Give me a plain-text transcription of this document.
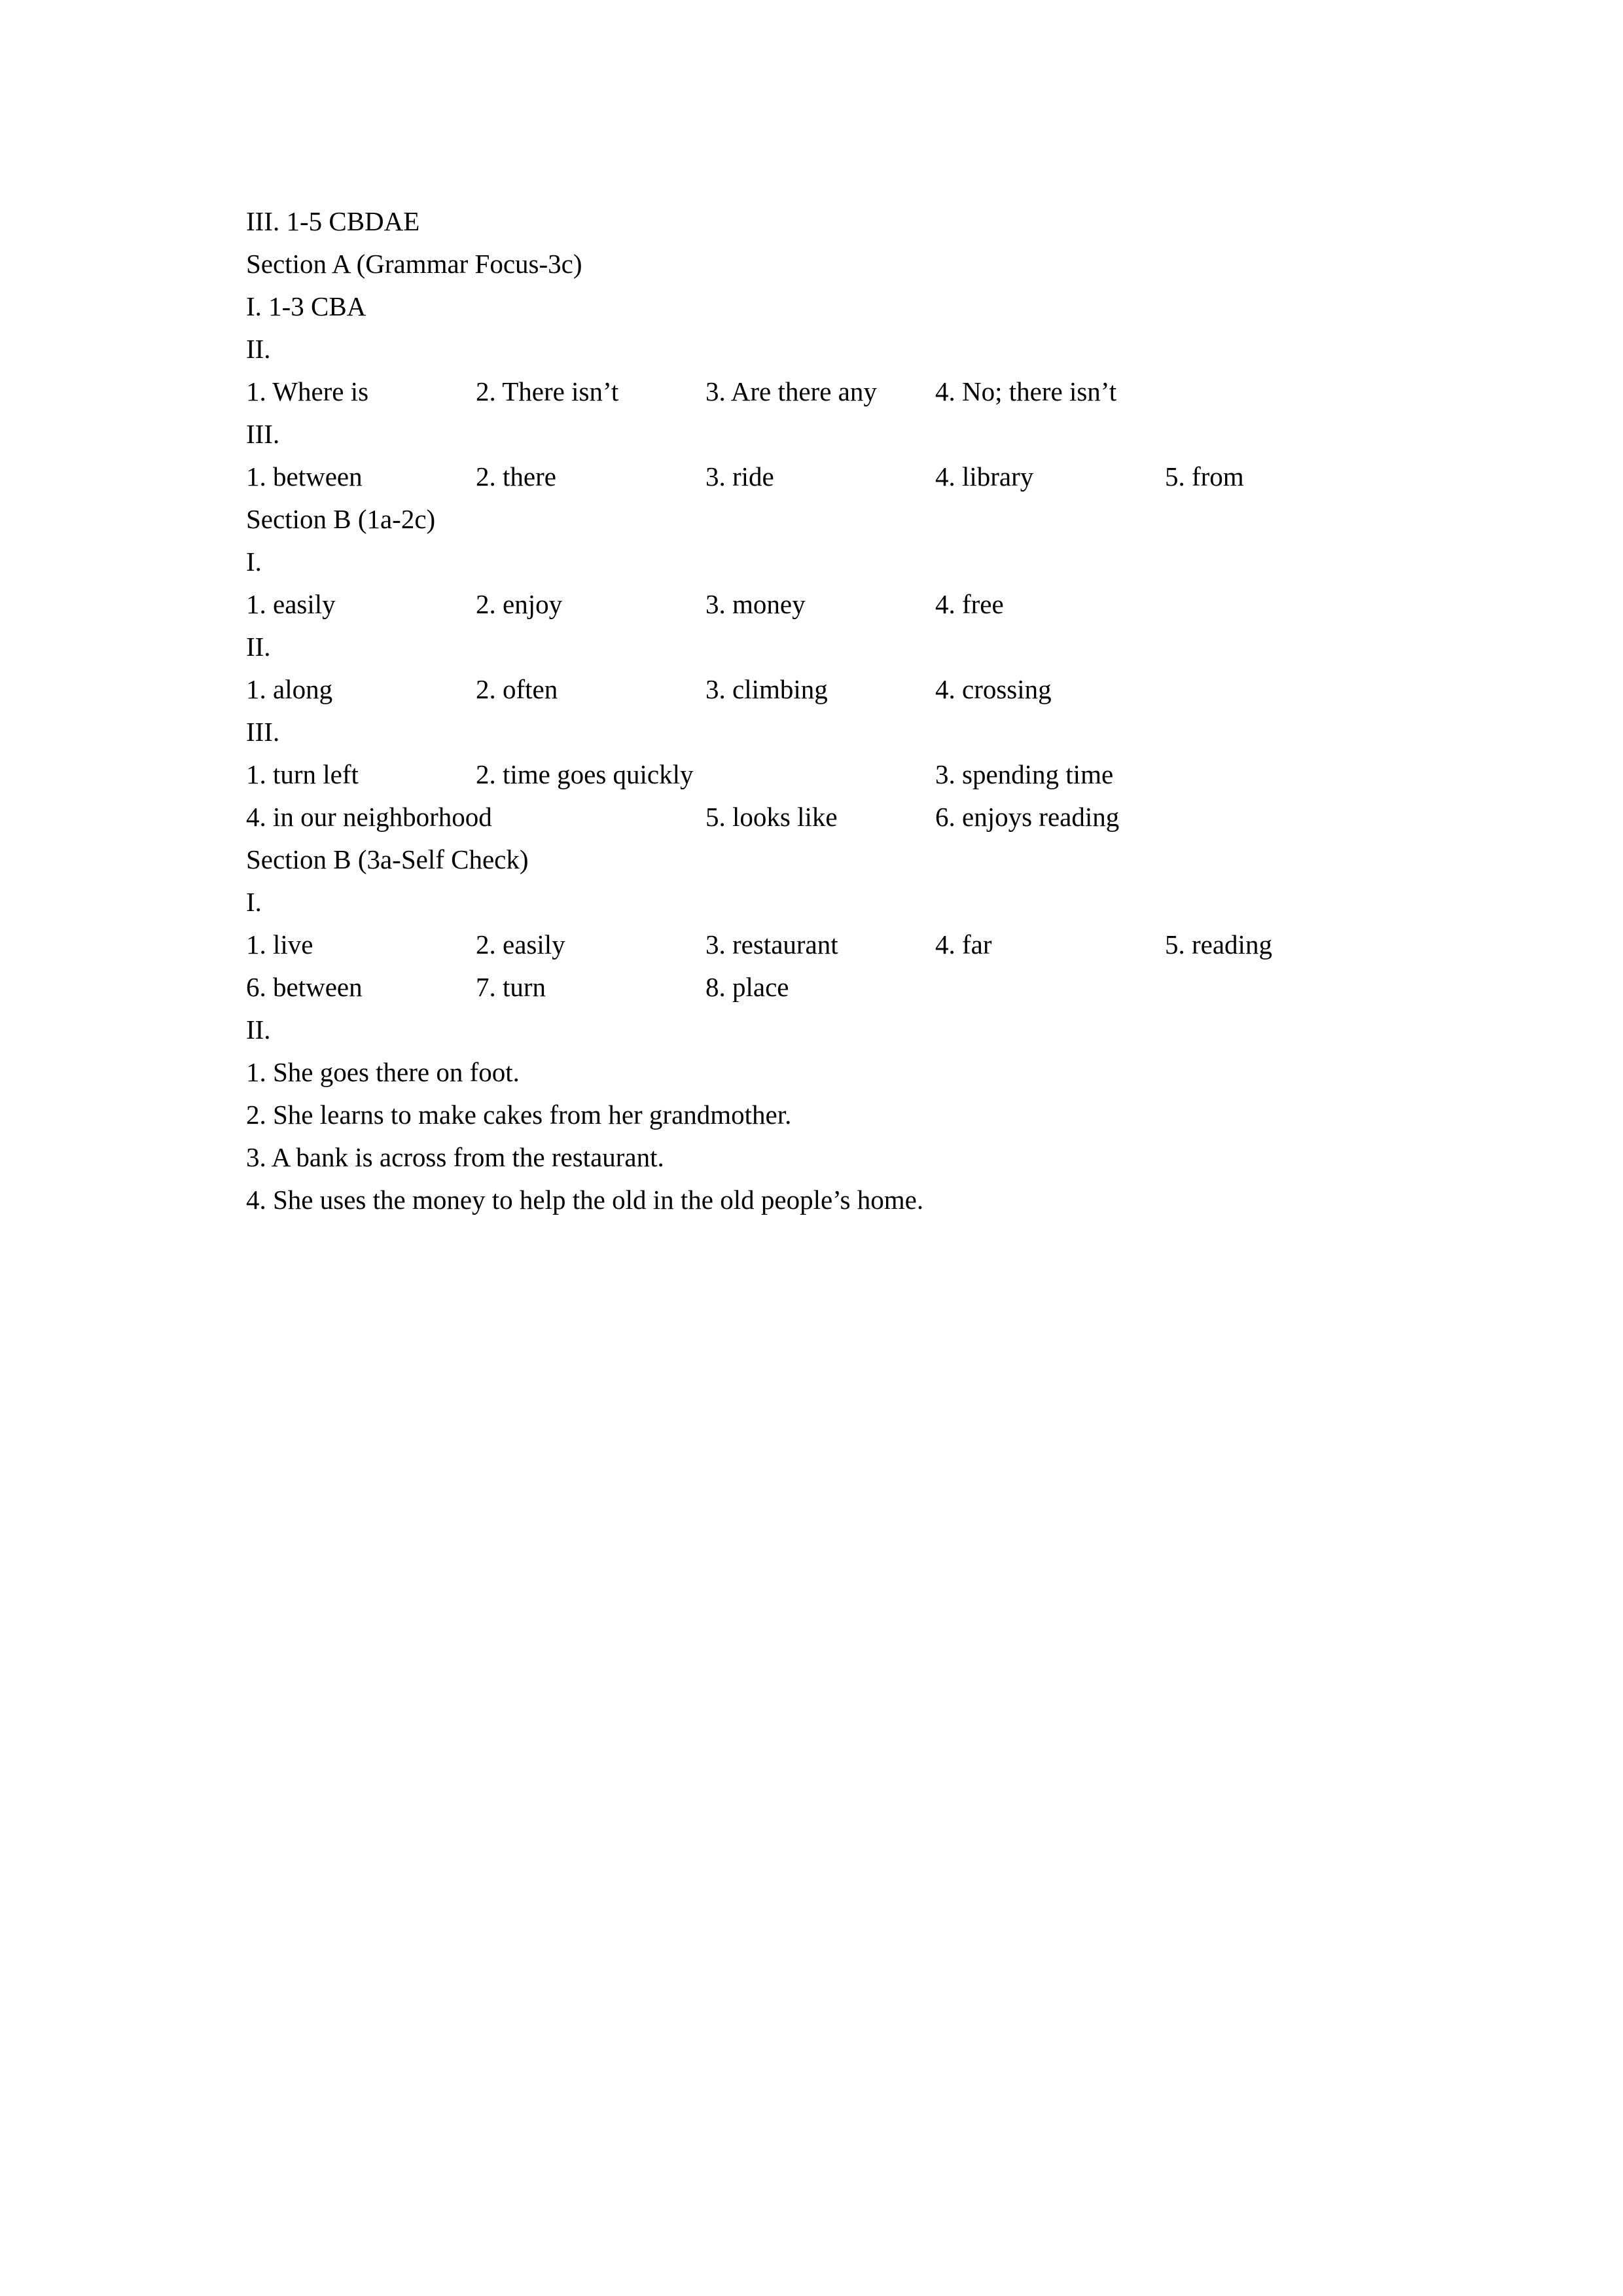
III. 1-5 CBDAE
Section A (Grammar Focus-3c)
I. 1-3 CBA
II.
1. Where is	2. There isn’t	3. Are there any 4. No; there isn’t
III.
1. between	2. there	3. ride	4. library	5. from
Section B (1a-2c)
I.
1. easily	2. enjoy	3. money	4. free
II.
1. along	2. often	3. climbing	4. crossing
III.
1. turn left	2. time goes quickly	3. spending time
4. in our neighborhood	5. looks like	6. enjoys reading
Section B (3a-Self Check)
I.
1. live	2. easily	3. restaurant	4. far	5. reading
6. between	7. turn	8. place
II.
1. She goes there on foot.
2. She learns to make cakes from her grandmother.
3. A bank is across from the restaurant.
4. She uses the money to help the old in the old people’s home.
